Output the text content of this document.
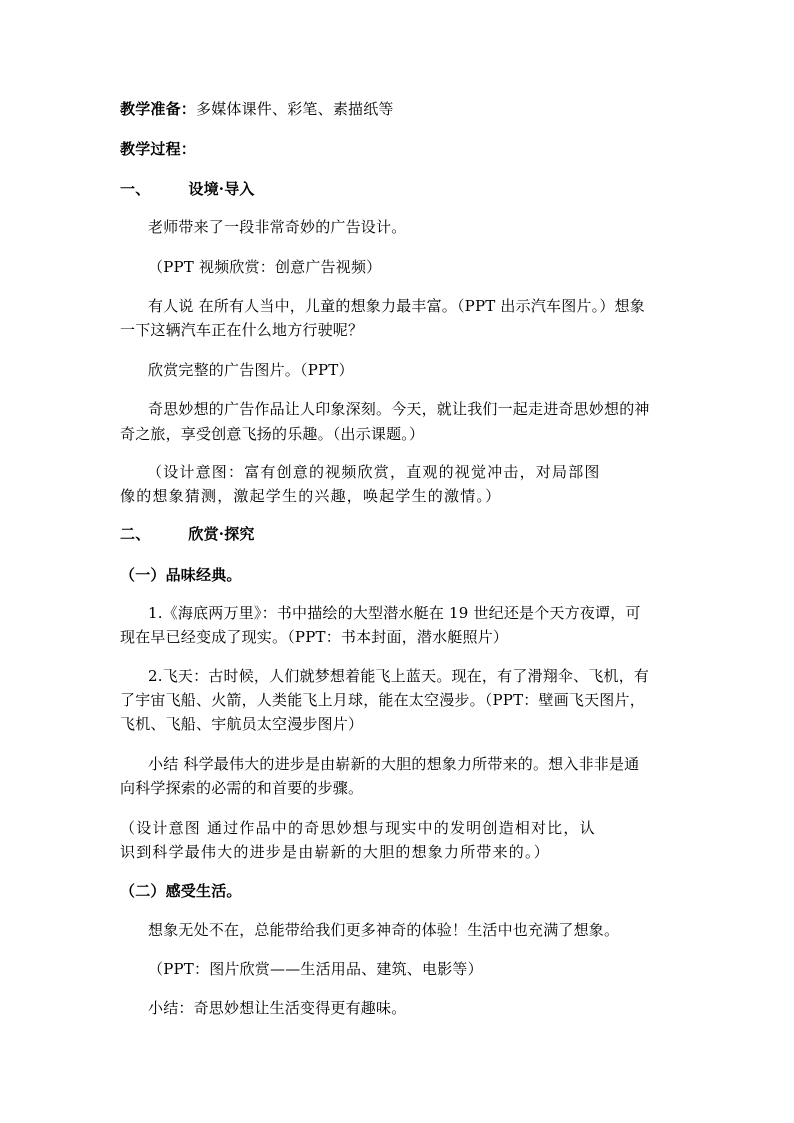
教学准备：多媒体课件、彩笔、素描纸等
教学过程：
一、	设境·导入
老师带来了一段非常奇妙的广告设计。
（PPT 视频欣赏：创意广告视频）
有人说 在所有人当中，儿童的想象力最丰富。（PPT 出示汽车图片。）想象
一下这辆汽车正在什么地方行驶呢？
欣赏完整的广告图片。（PPT）
奇思妙想的广告作品让人印象深刻。今天，就让我们一起走进奇思妙想的神
奇之旅，享受创意飞扬的乐趣。（出示课题。）
（设计意图：富有创意的视频欣赏，直观的视觉冲击，对局部图
像的想象猜测，激起学生的兴趣，唤起学生的激情。）
二、	欣赏·探究
（一）品味经典。
1.《海底两万里》：书中描绘的大型潜水艇在 19 世纪还是个天方夜谭，可
现在早已经变成了现实。（PPT：书本封面，潜水艇照片）
2.飞天：古时候，人们就梦想着能飞上蓝天。现在，有了滑翔伞、飞机，有
了宇宙飞船、火箭，人类能飞上月球，能在太空漫步。（PPT：壁画飞天图片，
飞机、飞船、宇航员太空漫步图片）
小结 科学最伟大的进步是由崭新的大胆的想象力所带来的。想入非非是通
向科学探索的必需的和首要的步骤。
（设计意图 通过作品中的奇思妙想与现实中的发明创造相对比，认
识到科学最伟大的进步是由崭新的大胆的想象力所带来的。）
（二）感受生活。
想象无处不在，总能带给我们更多神奇的体验！生活中也充满了想象。
（PPT：图片欣赏——生活用品、建筑、电影等）
小结：奇思妙想让生活变得更有趣味。
